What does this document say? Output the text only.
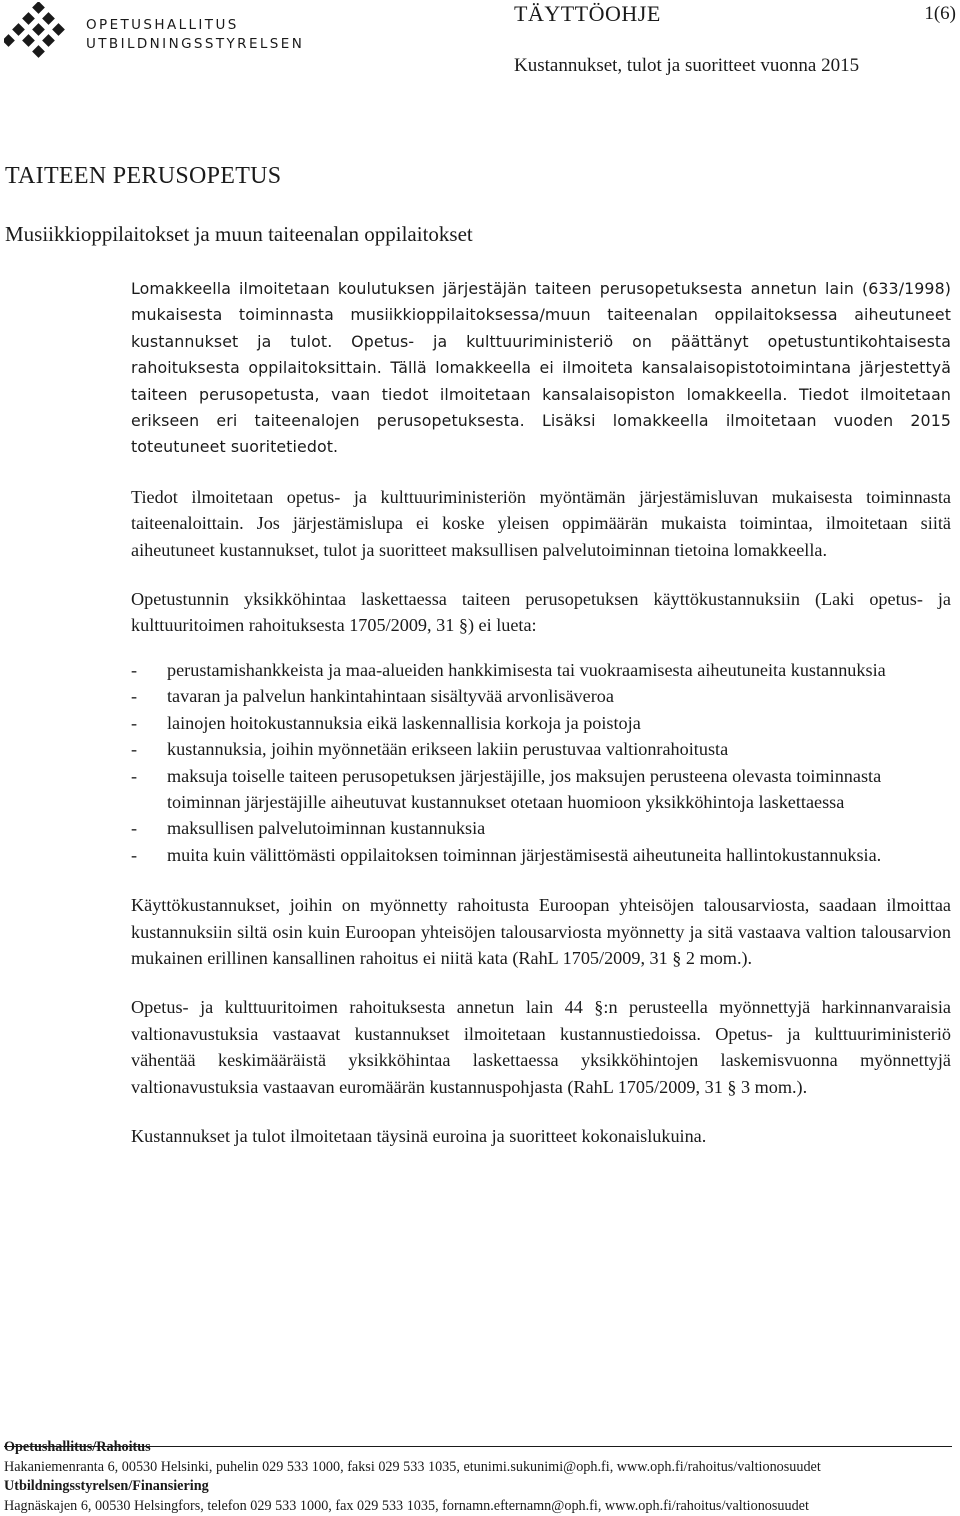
OPETUSHALLITUS
UTBILDNINGSSTYRELSEN
TÄYTTÖOHJE	1(6)
Kustannukset, tulot ja suoritteet vuonna 2015
TAITEEN PERUSOPETUS
Musiikkioppilaitokset ja muun taiteenalan oppilaitokset

Lomakkeella ilmoitetaan koulutuksen järjestäjän taiteen perusopetuksesta annetun lain (633/1998) mukaisesta toiminnasta musiikkioppilaitoksessa/muun taiteenalan oppilaitoksessa aiheutuneet kustannukset ja tulot. Opetus- ja kulttuuriministeriö on päättänyt opetustuntikohtaisesta rahoituksesta oppilaitoksittain. Tällä lomakkeella ei ilmoiteta kansalaisopistotoimintana järjestettyä taiteen perusopetusta, vaan tiedot ilmoitetaan kansalaisopiston lomakkeella. Tiedot ilmoitetaan erikseen eri taiteenalojen perusopetuksesta. Lisäksi lomakkeella ilmoitetaan vuoden 2015 toteutuneet suoritetiedot.

Tiedot ilmoitetaan opetus- ja kulttuuriministeriön myöntämän järjestämisluvan mukaisesta toiminnasta taiteenaloittain. Jos järjestämislupa ei koske yleisen oppimäärän mukaista toimintaa, ilmoitetaan siitä aiheutuneet kustannukset, tulot ja suoritteet maksullisen palvelutoiminnan tietoina lomakkeella.

Opetustunnin yksikköhintaa laskettaessa taiteen perusopetuksen käyttökustannuksiin (Laki opetus- ja kulttuuritoimen rahoituksesta 1705/2009, 31 §) ei lueta:

- perustamishankkeista ja maa-alueiden hankkimisesta tai vuokraamisesta aiheutuneita kustannuksia
- tavaran ja palvelun hankintahintaan sisältyvää arvonlisäveroa
- lainojen hoitokustannuksia eikä laskennallisia korkoja ja poistoja
- kustannuksia, joihin myönnetään erikseen lakiin perustuvaa valtionrahoitusta
- maksuja toiselle taiteen perusopetuksen järjestäjille, jos maksujen perusteena olevasta toiminnasta toiminnan järjestäjille aiheutuvat kustannukset otetaan huomioon yksikköhintoja laskettaessa
- maksullisen palvelutoiminnan kustannuksia
- muita kuin välittömästi oppilaitoksen toiminnan järjestämisestä aiheutuneita hallintokustannuksia.

Käyttökustannukset, joihin on myönnetty rahoitusta Euroopan yhteisöjen talousarviosta, saadaan ilmoittaa kustannuksiin siltä osin kuin Euroopan yhteisöjen talousarviosta myönnetty ja sitä vastaava valtion talousarvion mukainen erillinen kansallinen rahoitus ei niitä kata (RahL 1705/2009, 31 § 2 mom.).

Opetus- ja kulttuuritoimen rahoituksesta annetun lain 44 §:n perusteella myönnettyjä harkinnanvaraisia valtionavustuksia vastaavat kustannukset ilmoitetaan kustannustiedoissa. Opetus- ja kulttuuriministeriö vähentää keskimääräistä yksikköhintaa laskettaessa yksikköhintojen laskemisvuonna myönnettyjä valtionavustuksia vastaavan euromäärän kustannuspohjasta (RahL 1705/2009, 31 § 3 mom.).

Kustannukset ja tulot ilmoitetaan täysinä euroina ja suoritteet kokonaislukuina.

Opetushallitus/Rahoitus
Hakaniemenranta 6, 00530 Helsinki, puhelin 029 533 1000, faksi 029 533 1035, etunimi.sukunimi@oph.fi, www.oph.fi/rahoitus/valtionosuudet
Utbildningsstyrelsen/Finansiering
Hagnäskajen 6, 00530 Helsingfors, telefon 029 533 1000, fax 029 533 1035, fornamn.efternamn@oph.fi, www.oph.fi/rahoitus/valtionosuudet
